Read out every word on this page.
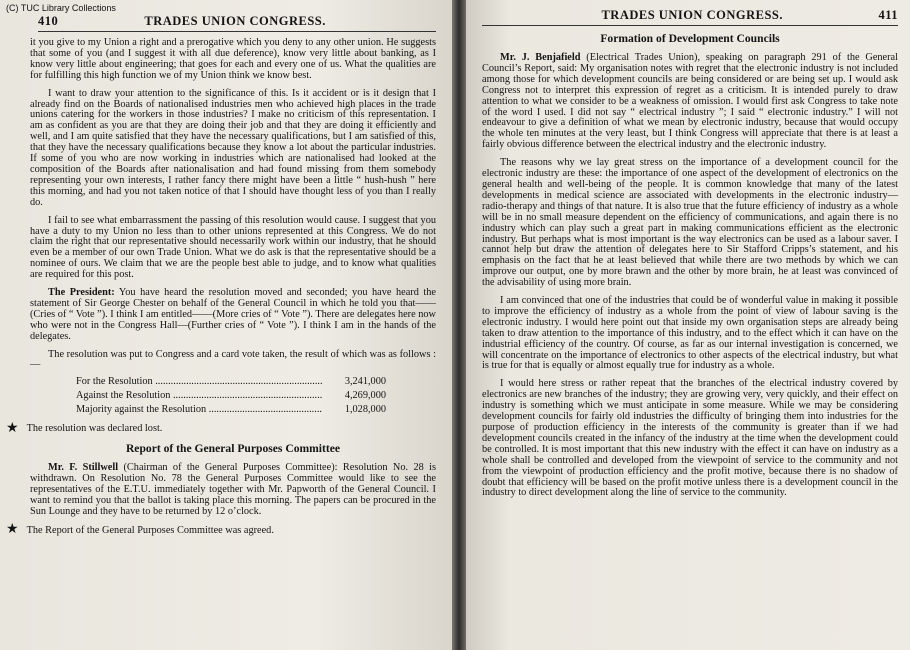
(C) TUC Library Collections
410	TRADES UNION CONGRESS.

it you give to my Union a right and a prerogative which you deny to any other union. He suggests that some of you (and I suggest it with all due deference), know very little about banking, as I know very little about engineering; that goes for each and every one of us. What the qualities are for fulfilling this high function we of my Union think we know best.

I want to draw your attention to the significance of this. Is it accident or is it design that I already find on the Boards of nationalised industries men who achieved high places in the trade unions catering for the workers in those industries? I make no criticism of this representation. I am as confident as you are that they are doing their job and that they are doing it efficiently and well, and I am quite satisfied that they have the necessary qualifications, but I am satisfied of this, that they have the necessary qualifications because they know a lot about the particular industries. If some of you who are now working in industries which are nationalised had looked at the composition of the Boards after nationalisation and had found missing from them somebody representing your own interests, I rather fancy there might have been a little “ hush-hush ” here this morning, and had you not taken notice of that I should have thought less of you than I really do.

I fail to see what embarrassment the passing of this resolution would cause. I suggest that you have a duty to my Union no less than to other unions represented at this Congress. We do not claim the right that our representative should necessarily work within our industry, that he should even be a member of our own Trade Union. What we do ask is that the representative should be a nominee of ours. We claim that we are the people best able to judge, and to know what qualities are required for this post.

The President: You have heard the resolution moved and seconded; you have heard the statement of Sir George Chester on behalf of the General Council in which he told you that——(Cries of “ Vote ”). I think I am entitled——(More cries of “ Vote ”). There are delegates here now who were not in the Congress Hall—(Further cries of “ Vote ”). I think I am in the hands of the delegates.

The resolution was put to Congress and a card vote taken, the result of which was as follows :—

For the Resolution .....	3,241,000
Against the Resolution .....	4,269,000
Majority against the Resolution .....	1,028,000
★ The resolution was declared lost.
Report of the General Purposes Committee

Mr. F. Stillwell (Chairman of the General Purposes Committee): Resolution No. 28 is withdrawn. On Resolution No. 78 the General Purposes Committee would like to see the representatives of the E.T.U. immediately together with Mr. Papworth of the General Council. I want to remind you that the ballot is taking place this morning. The papers can be procured in the Sun Lounge and they have to be returned by 12 o’clock.

★ The Report of the General Purposes Committee was agreed.
TRADES UNION CONGRESS.	411
Formation of Development Councils

Mr. J. Benjafield (Electrical Trades Union), speaking on paragraph 291 of the General Council’s Report, said: My organisation notes with regret that the electronic industry is not included among those for which development councils are being considered or are being set up. I would ask Congress not to interpret this expression of regret as a criticism. It is intended purely to draw attention to what we consider to be a weakness of omission. I would first ask Congress to take note of the word I used. I did not say “ electrical industry ”; I said “ electronic industry.” I will not endeavour to give a definition of what we mean by electronic industry, because that would occupy the whole ten minutes at the very least, but I think Congress will appreciate that there is at least a fairly obvious difference between the electrical industry and the electronic industry.

The reasons why we lay great stress on the importance of a development council for the electronic industry are these: the importance of one aspect of the development of electronics on the general health and well-being of the people. It is common knowledge that many of the latest developments in medical science are associated with developments in the electronic industry—radio-therapy and things of that nature. It is also true that the future efficiency of industry as a whole will be in no small measure dependent on the efficiency of communications, and again there is no industry which can play such a great part in making communications efficient as the electronic industry. But perhaps what is most important is the way electronics can be used as a labour saver. I cannot help but draw the attention of delegates here to Sir Stafford Cripps’s statement, and his emphasis on the fact that he at least believed that while there are two methods by which we can improve our output, one by more brawn and the other by more brain, he at least was convinced of the advisability of using more brain.

I am convinced that one of the industries that could be of wonderful value in making it possible to improve the efficiency of industry as a whole from the point of view of labour saving is the electronic industry. I would here point out that inside my own organisation steps are already being taken to draw attention to the importance of this industry, and to the effect which it can have on the industrial efficiency of the country. Of course, as far as our internal investigation is concerned, we will concentrate on the importance of electronics to other aspects of the electrical industry, but what is true for that is equally or almost equally true for industry as a whole.

I would here stress or rather repeat that the branches of the electrical industry covered by electronics are new branches of the industry; they are growing very, very quickly, and their effect on industry is something which we must anticipate in some measure. While we may be considering development councils for fairly old industries the difficulty of bringing them into industries for the purpose of production efficiency in the interests of the community is greater than if we had development councils created in the infancy of the industry at the time when the development could be controlled. It is most important that this new industry with the effect it can have on industry as a whole shall be controlled and developed from the viewpoint of service to the community and not from the viewpoint of production efficiency and the profit motive, because there is no shadow of doubt that efficiency will be based on the profit motive unless there is a development council in the industry to direct development along the line of service to the community.
